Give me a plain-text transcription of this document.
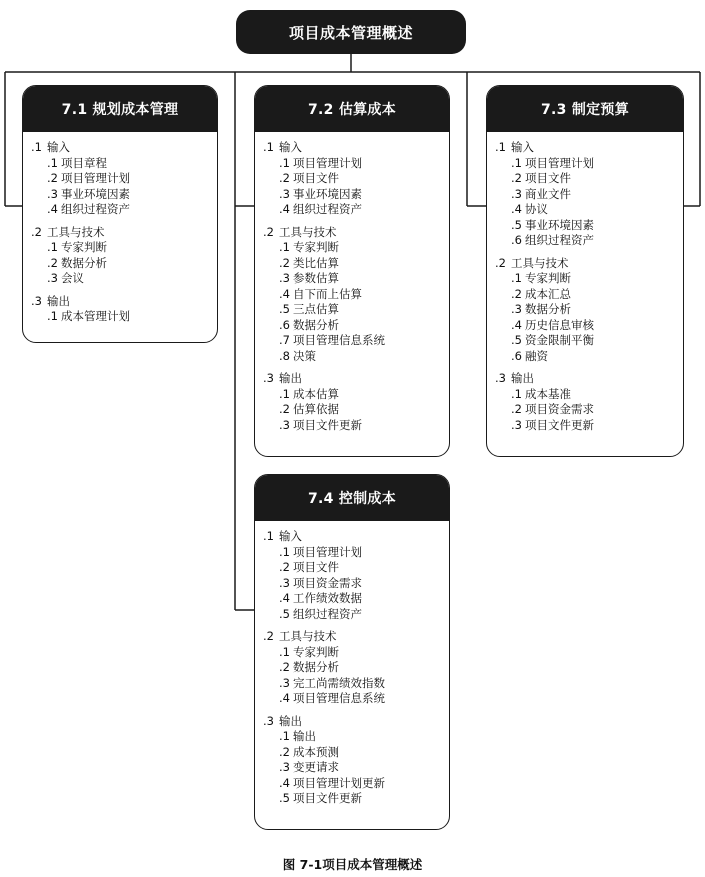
项目成本管理概述
7.1 规划成本管理
.1 输入
.1 项目章程
.2 项目管理计划
.3 事业环境因素
.4 组织过程资产
.2 工具与技术
.1 专家判断
.2 数据分析
.3 会议
.3 输出
.1 成本管理计划
7.2 估算成本
.1 输入
.1 项目管理计划
.2 项目文件
.3 事业环境因素
.4 组织过程资产
.2 工具与技术
.1 专家判断
.2 类比估算
.3 参数估算
.4 自下而上估算
.5 三点估算
.6 数据分析
.7 项目管理信息系统
.8 决策
.3 输出
.1 成本估算
.2 估算依据
.3 项目文件更新
7.3 制定预算
.1 输入
.1 项目管理计划
.2 项目文件
.3 商业文件
.4 协议
.5 事业环境因素
.6 组织过程资产
.2 工具与技术
.1 专家判断
.2 成本汇总
.3 数据分析
.4 历史信息审核
.5 资金限制平衡
.6 融资
.3 输出
.1 成本基准
.2 项目资金需求
.3 项目文件更新
7.4 控制成本
.1 输入
.1 项目管理计划
.2 项目文件
.3 项目资金需求
.4 工作绩效数据
.5 组织过程资产
.2 工具与技术
.1 专家判断
.2 数据分析
.3 完工尚需绩效指数
.4 项目管理信息系统
.3 输出
.1 输出
.2 成本预测
.3 变更请求
.4 项目管理计划更新
.5 项目文件更新
图 7-1项目成本管理概述
